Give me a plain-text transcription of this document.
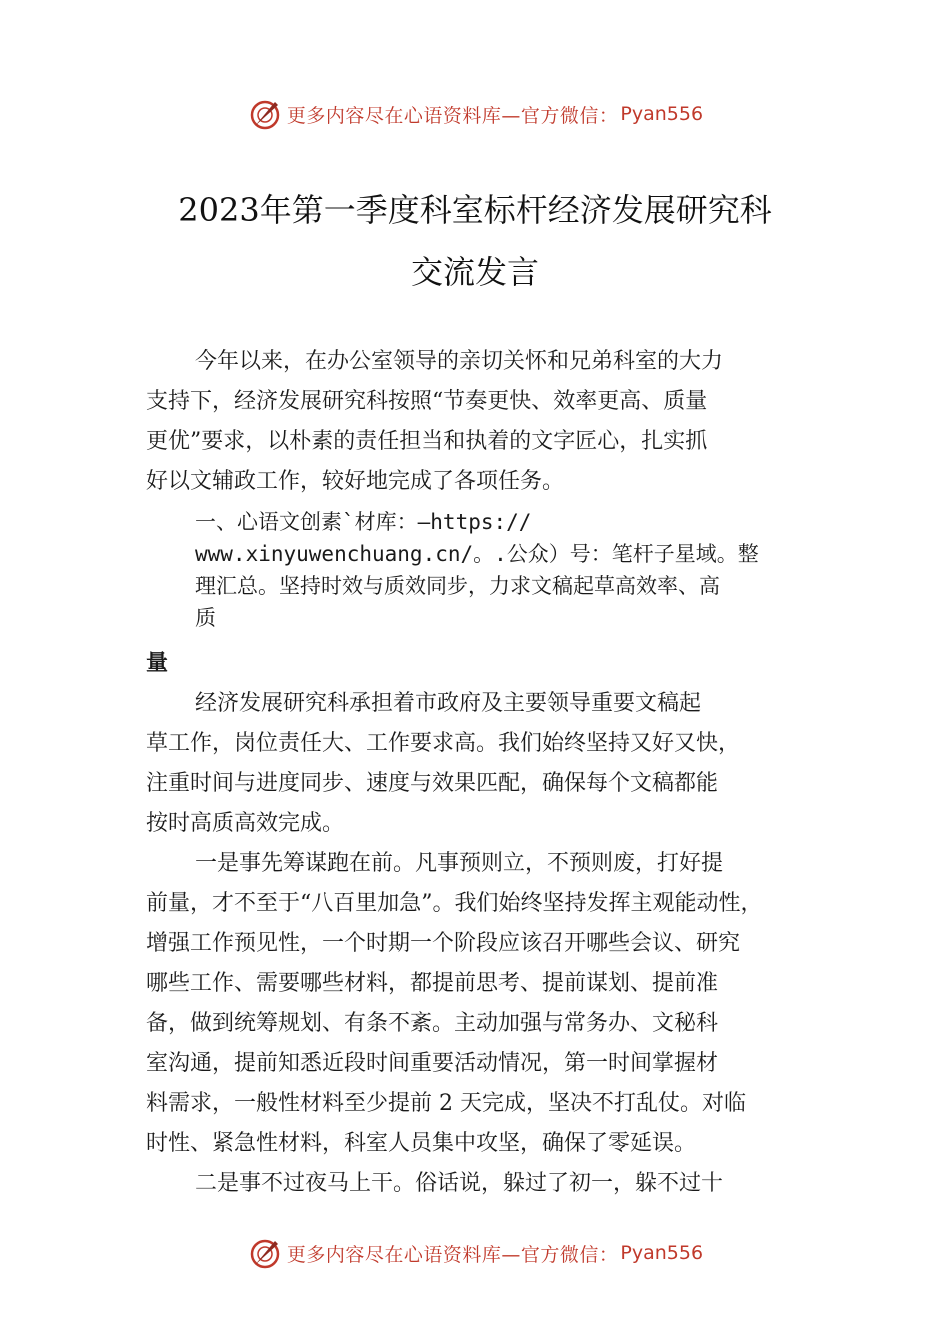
更多内容尽在心语资料库—官方微信： Pyan556
2023年第一季度科室标杆经济发展研究科
交流发言
今年以来，在办公室领导的亲切关怀和兄弟科室的大力
支持下，经济发展研究科按照“节奏更快、效率更高、质量
更优”要求，以朴素的责任担当和执着的文字匠心，扎实抓
好以文辅政工作，较好地完成了各项任务。
一、心语文创素`材库：—https://
www.xinyuwenchuang.cn/。.公众）号：笔杆子星域。整
理汇总。坚持时效与质效同步，力求文稿起草高效率、高
质
量
经济发展研究科承担着市政府及主要领导重要文稿起
草工作，岗位责任大、工作要求高。我们始终坚持又好又快，
注重时间与进度同步、速度与效果匹配，确保每个文稿都能
按时高质高效完成。
一是事先筹谋跑在前。凡事预则立，不预则废，打好提
前量，才不至于“八百里加急”。我们始终坚持发挥主观能动性，
增强工作预见性，一个时期一个阶段应该召开哪些会议、研究
哪些工作、需要哪些材料，都提前思考、提前谋划、提前准
备，做到统筹规划、有条不紊。主动加强与常务办、文秘科
室沟通，提前知悉近段时间重要活动情况，第一时间掌握材
料需求，一般性材料至少提前 2 天完成，坚决不打乱仗。对临
时性、紧急性材料，科室人员集中攻坚，确保了零延误。
二是事不过夜马上干。俗话说，躲过了初一，躲不过十
更多内容尽在心语资料库—官方微信： Pyan556
